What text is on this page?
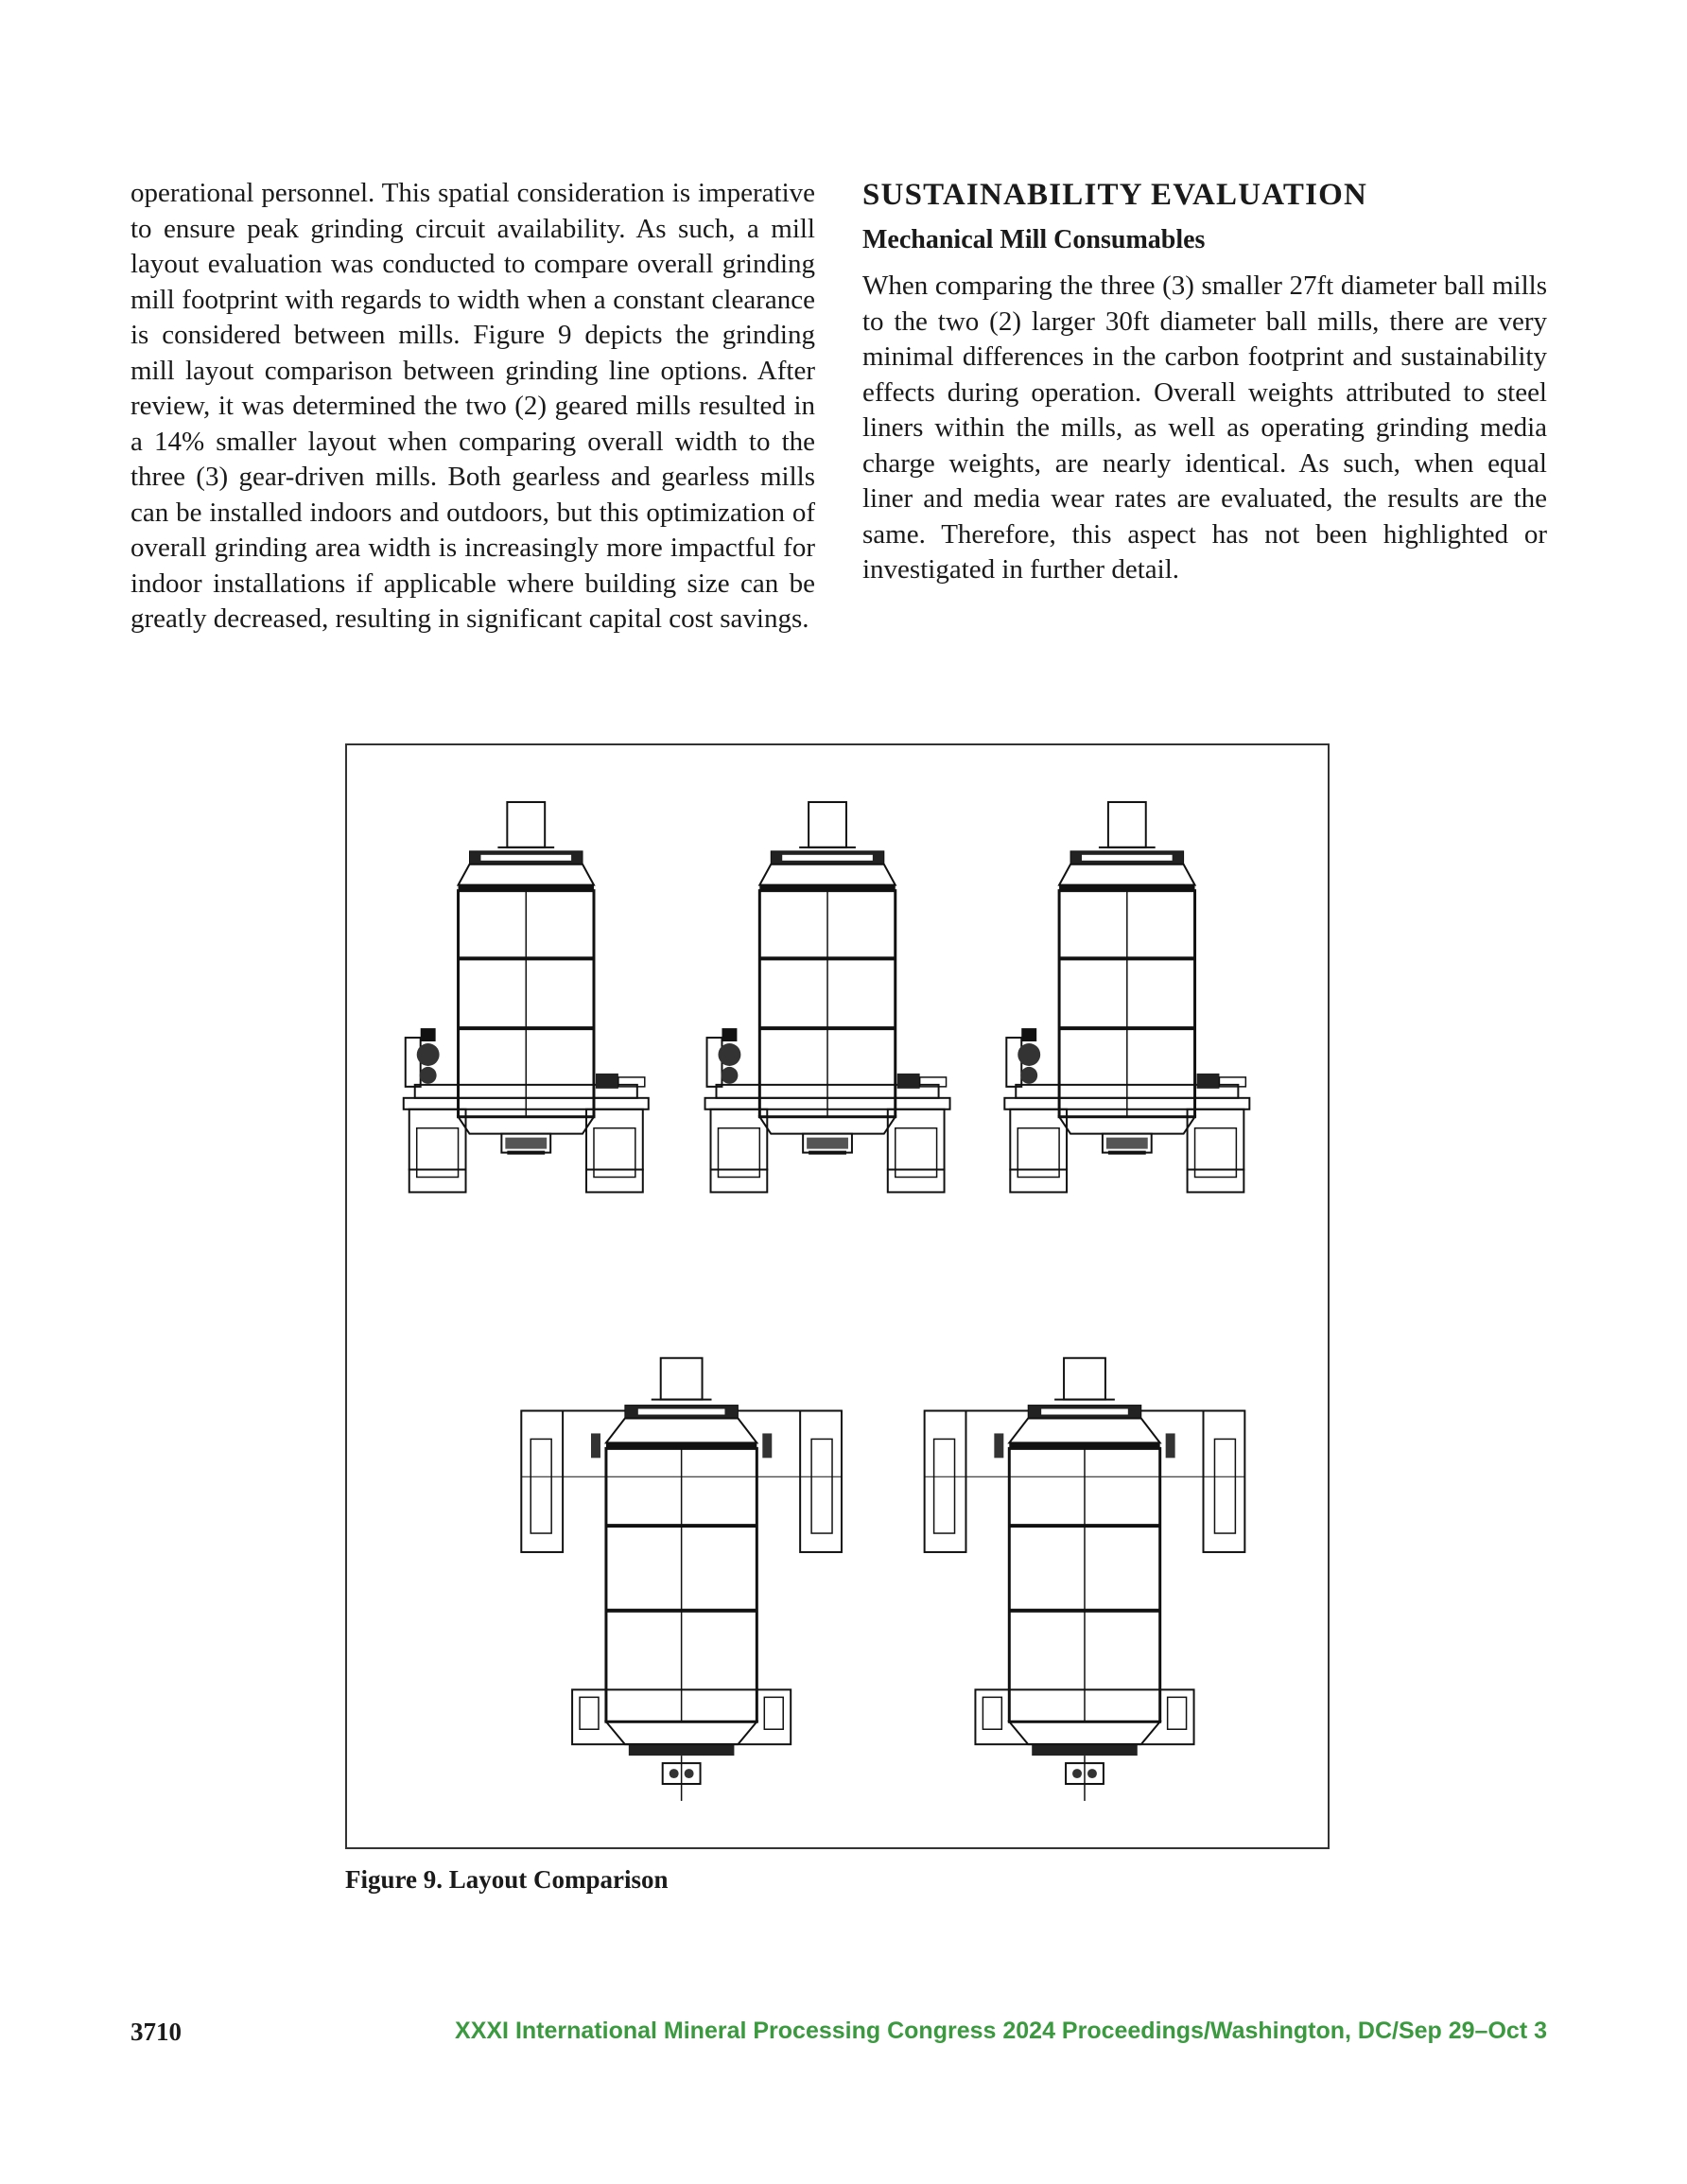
operational personnel. This spatial consideration is imperative to ensure peak grinding circuit availability. As such, a mill layout evaluation was conducted to compare overall grinding mill footprint with regards to width when a constant clearance is considered between mills. Figure 9 depicts the grinding mill layout comparison between grinding line options. After review, it was determined the two (2) geared mills resulted in a 14% smaller layout when comparing overall width to the three (3) gear-driven mills. Both gearless and gearless mills can be installed indoors and outdoors, but this optimization of overall grinding area width is increasingly more impactful for indoor installations if applicable where building size can be greatly decreased, resulting in significant capital cost savings.

SUSTAINABILITY EVALUATION
Mechanical Mill Consumables

When comparing the three (3) smaller 27ft diameter ball mills to the two (2) larger 30ft diameter ball mills, there are very minimal differences in the carbon footprint and sustainability effects during operation. Overall weights attributed to steel liners within the mills, as well as operating grinding media charge weights, are nearly identical. As such, when equal liner and media wear rates are evaluated, the results are the same. Therefore, this aspect has not been highlighted or investigated in further detail.

Figure 9. Layout Comparison
3710	XXXI International Mineral Processing Congress 2024 Proceedings/Washington, DC/Sep 29–Oct 3
